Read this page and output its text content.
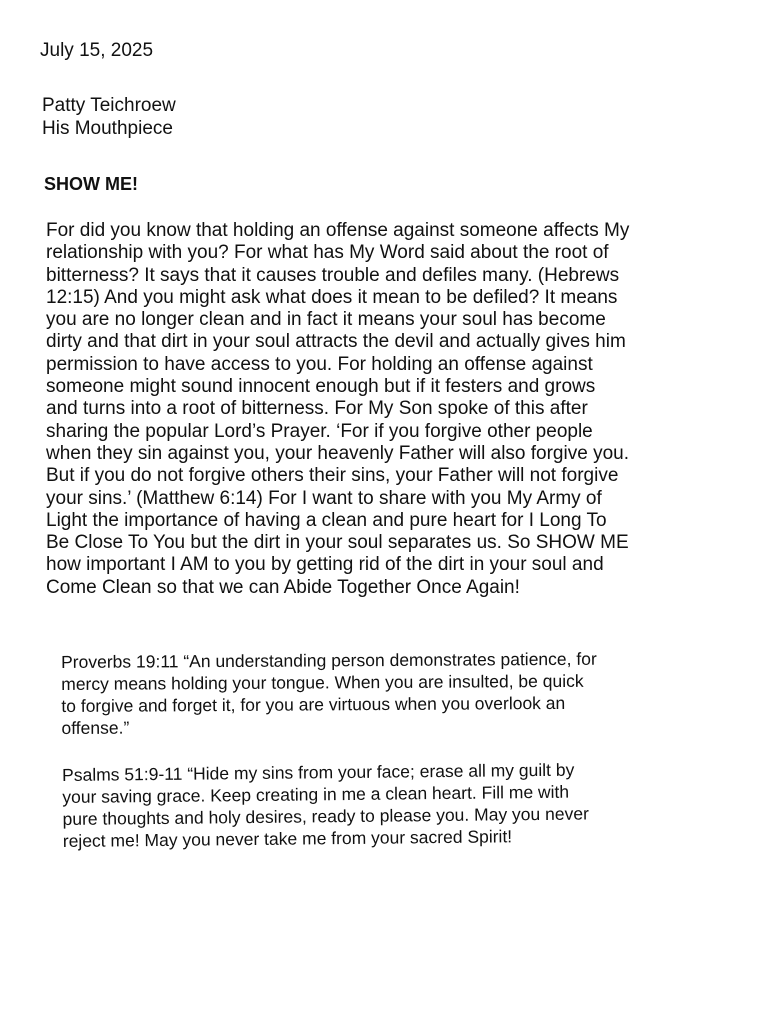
July 15, 2025
Patty Teichroew
His Mouthpiece
SHOW ME!
For did you know that holding an offense against someone affects My
relationship with you? For what has My Word said about the root of
bitterness? It says that it causes trouble and defiles many. (Hebrews
12:15) And you might ask what does it mean to be defiled? It means
you are no longer clean and in fact it means your soul has become
dirty and that dirt in your soul attracts the devil and actually gives him
permission to have access to you. For holding an offense against
someone might sound innocent enough but if it festers and grows
and turns into a root of bitterness. For My Son spoke of this after
sharing the popular Lord’s Prayer. ‘For if you forgive other people
when they sin against you, your heavenly Father will also forgive you.
But if you do not forgive others their sins, your Father will not forgive
your sins.’ (Matthew 6:14) For I want to share with you My Army of
Light the importance of having a clean and pure heart for I Long To
Be Close To You but the dirt in your soul separates us. So SHOW ME
how important I AM to you by getting rid of the dirt in your soul and
Come Clean so that we can Abide Together Once Again!
Proverbs 19:11 “An understanding person demonstrates patience, for
mercy means holding your tongue. When you are insulted, be quick
to forgive and forget it, for you are virtuous when you overlook an
offense.”
Psalms 51:9-11 “Hide my sins from your face; erase all my guilt by
your saving grace. Keep creating in me a clean heart. Fill me with
pure thoughts and holy desires, ready to please you. May you never
reject me! May you never take me from your sacred Spirit!
